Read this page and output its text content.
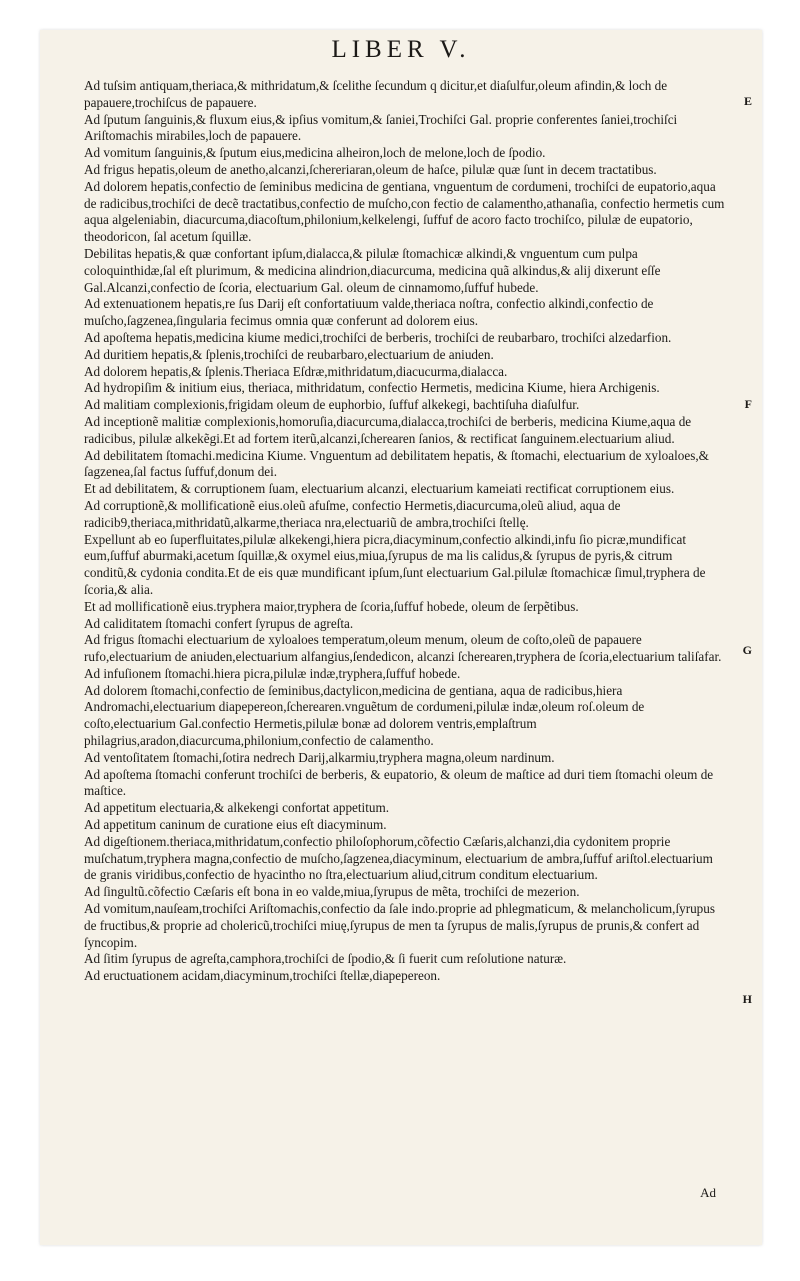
LIBER V.

Ad tuſsim antiquam,theriaca,& mithridatum,& ſcelithe ſecundum q dicitur,et diaſulfur,oleum afindin,& loch de papauere,trochiſcus de papauere.

Ad ſputum ſanguinis,& fluxum eius,& ipſius vomitum,& ſaniei,Trochiſci Gal. proprie conferentes ſaniei,trochiſci Ariſtomachis mirabiles,loch de papauere.

Ad vomitum ſanguinis,& ſputum eius,medicina alheiron,loch de melone,loch de ſpodio.

Ad frigus hepatis,oleum de anetho,alcanzi,ſchereriaran,oleum de haſce, pilulæ quæ ſunt in decem tractatibus.

Ad dolorem hepatis,confectio de ſeminibus medicina de gentiana, vnguentum de cordumeni, trochiſci de eupatorio,aqua de radicibus,trochiſci de decẽ tractatibus,confectio de muſcho,con fectio de calamentho,athanaſia, confectio hermetis cum aqua algeleniabin, diacurcuma,diacoſtum,philonium,kelkelengi, ſuffuf de acoro facto trochiſco, pilulæ de eupatorio, theodoricon, ſal acetum ſquillæ.

Debilitas hepatis,& quæ confortant ipſum,dialacca,& pilulæ ſtomachicæ alkindi,& vnguentum cum pulpa coloquinthidæ,ſal eſt plurimum, & medicina alindrion,diacurcuma, medicina quã alkindus,& alij dixerunt eſſe Gal.Alcanzi,confectio de ſcoria, electuarium Gal. oleum de cinnamomo,ſuffuf hubede.

Ad extenuationem hepatis,re ſus Darij eſt confortatiuum valde,theriaca noſtra, confectio alkindi,confectio de muſcho,ſagzenea,ſingularia fecimus omnia quæ conferunt ad dolorem eius.

Ad apoſtema hepatis,medicina kiume medici,trochiſci de berberis, trochiſci de reubarbaro, trochiſci alzedarfion.

Ad duritiem hepatis,& ſplenis,trochiſci de reubarbaro,electuarium de aniuden.

Ad dolorem hepatis,& ſplenis.Theriaca Eſdræ,mithridatum,diacucurma,dialacca.

Ad hydropiſim & initium eius, theriaca, mithridatum, confectio Hermetis, medicina Kiume, hiera Archigenis.

Ad malitiam complexionis,frigidam oleum de euphorbio, ſuffuf alkekegi, bachtiſuha diaſulfur.

Ad inceptionẽ malitiæ complexionis,homoruſia,diacurcuma,dialacca,trochiſci de berberis, medicina Kiume,aqua de radicibus, pilulæ alkekẽgi.Et ad fortem iterũ,alcanzi,ſcherearen ſanios, & rectificat ſanguinem.electuarium aliud.

Ad debilitatem ſtomachi.medicina Kiume. Vnguentum ad debilitatem hepatis, & ſtomachi, electuarium de xyloaloes,& ſagzenea,ſal factus ſuffuf,donum dei.

Et ad debilitatem, & corruptionem ſuam, electuarium alcanzi, electuarium kameiati rectificat corruptionem eius.

Ad corruptionẽ,& mollificationẽ eius.oleũ afuſme, confectio Hermetis,diacurcuma,oleũ aliud, aqua de radicib9,theriaca,mithridatũ,alkarme,theriaca nra,electuariũ de ambra,trochiſci ſtellę.

Expellunt ab eo ſuperfluitates,pilulæ alkekengi,hiera picra,diacyminum,confectio alkindi,infu ſio picræ,mundificat eum,ſuffuf aburmaki,acetum ſquillæ,& oxymel eius,miua,ſyrupus de ma lis calidus,& ſyrupus de pyris,& citrum conditũ,& cydonia condita.Et de eis quæ mundificant ipſum,ſunt electuarium Gal.pilulæ ſtomachicæ ſimul,tryphera de ſcoria,& alia.

Et ad mollificationẽ eius.tryphera maior,tryphera de ſcoria,ſuffuf hobede, oleum de ſerpẽtibus.

Ad caliditatem ſtomachi confert ſyrupus de agreſta.

Ad frigus ſtomachi electuarium de xyloaloes temperatum,oleum menum, oleum de coſto,oleũ de papauere rufo,electuarium de aniuden,electuarium alfangius,ſendedicon, alcanzi ſcherearen,tryphera de ſcoria,electuarium taliſafar.

Ad infuſionem ſtomachi.hiera picra,pilulæ indæ,tryphera,ſuffuf hobede.

Ad dolorem ſtomachi,confectio de ſeminibus,dactylicon,medicina de gentiana, aqua de radicibus,hiera Andromachi,electuarium diapepereon,ſcherearen.vnguẽtum de cordumeni,pilulæ indæ,oleum roſ.oleum de coſto,electuarium Gal.confectio Hermetis,pilulæ bonæ ad dolorem ventris,emplaſtrum philagrius,aradon,diacurcuma,philonium,confectio de calamentho.

Ad ventoſitatem ſtomachi,ſotira nedrech Darij,alkarmiu,tryphera magna,oleum nardinum.

Ad apoſtema ſtomachi conferunt trochiſci de berberis, & eupatorio, & oleum de maſtice ad duri tiem ſtomachi oleum de maſtice.

Ad appetitum electuaria,& alkekengi confortat appetitum.

Ad appetitum caninum de curatione eius eſt diacyminum.

Ad digeſtionem.theriaca,mithridatum,confectio philoſophorum,cõfectio Cæſaris,alchanzi,dia cydonitem proprie muſchatum,tryphera magna,confectio de muſcho,ſagzenea,diacyminum, electuarium de ambra,ſuffuf ariſtol.electuarium de granis viridibus,confectio de hyacintho no ſtra,electuarium aliud,citrum conditum electuarium.

Ad ſingultũ.cõfectio Cæſaris eſt bona in eo valde,miua,ſyrupus de mẽta, trochiſci de mezerion.

Ad vomitum,nauſeam,trochiſci Ariſtomachis,confectio da ſale indo.proprie ad phlegmaticum, & melancholicum,ſyrupus de fructibus,& proprie ad cholericũ,trochiſci miuę,ſyrupus de men ta ſyrupus de malis,ſyrupus de prunis,& confert ad ſyncopim.

Ad ſitim ſyrupus de agreſta,camphora,trochiſci de ſpodio,& ſi fuerit cum reſolutione naturæ.

Ad eructuationem acidam,diacyminum,trochiſci ſtellæ,diapepereon.

E
F
G
H
Ad
